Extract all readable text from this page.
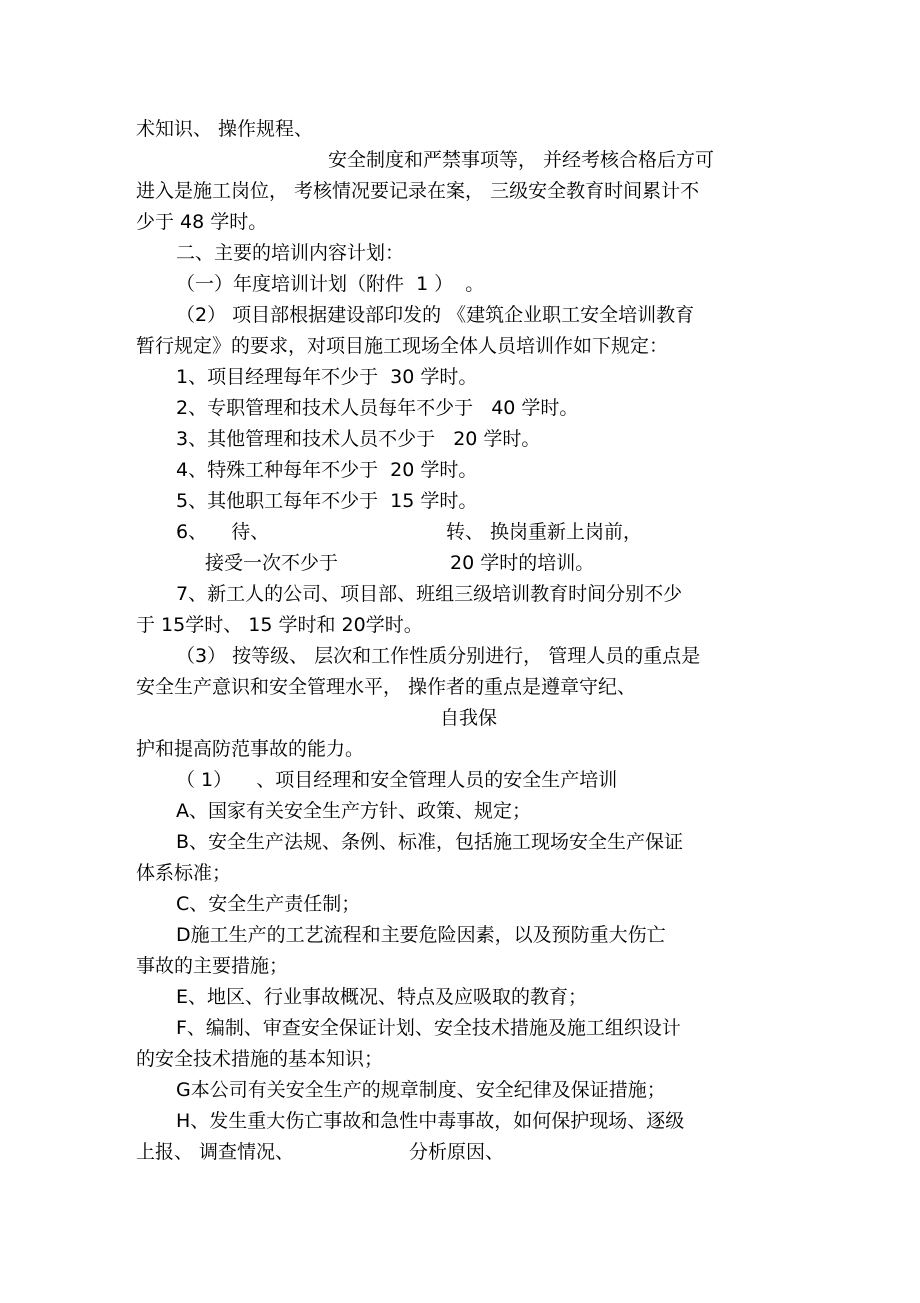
术知识、 操作规程、
安全制度和严禁事项等， 并经考核合格后方可
进入是施工岗位， 考核情况要记录在案， 三级安全教育时间累计不
少于 48 学时。
二、主要的培训内容计划：
（一）年度培训计划（附件  1 ）  。
（2） 项目部根据建设部印发的 《建筑企业职工安全培训教育
暂行规定》的要求，对项目施工现场全体人员培训作如下规定：
1、项目经理每年不少于  30 学时。
2、专职管理和技术人员每年不少于   40 学时。
3、其他管理和技术人员不少于   20 学时。
4、特殊工种每年不少于  20 学时。
5、其他职工每年不少于  15 学时。
6、    待、	转、 换岗重新上岗前，
接受一次不少于	20 学时的培训。
7、新工人的公司、项目部、班组三级培训教育时间分别不少
于 15学时、 15 学时和 20学时。
（3） 按等级、 层次和工作性质分别进行， 管理人员的重点是
安全生产意识和安全管理水平， 操作者的重点是遵章守纪、
自我保
护和提高防范事故的能力。
（ 1）    、项目经理和安全管理人员的安全生产培训
A、国家有关安全生产方针、政策、规定；
B、安全生产法规、条例、标准，包括施工现场安全生产保证
体系标准；
C、安全生产责任制；
D施工生产的工艺流程和主要危险因素，以及预防重大伤亡
事故的主要措施；
E、地区、行业事故概况、特点及应吸取的教育；
F、编制、审查安全保证计划、安全技术措施及施工组织设计
的安全技术措施的基本知识；
G本公司有关安全生产的规章制度、安全纪律及保证措施；
H、发生重大伤亡事故和急性中毒事故，如何保护现场、逐级
上报、 调查情况、	分析原因、
